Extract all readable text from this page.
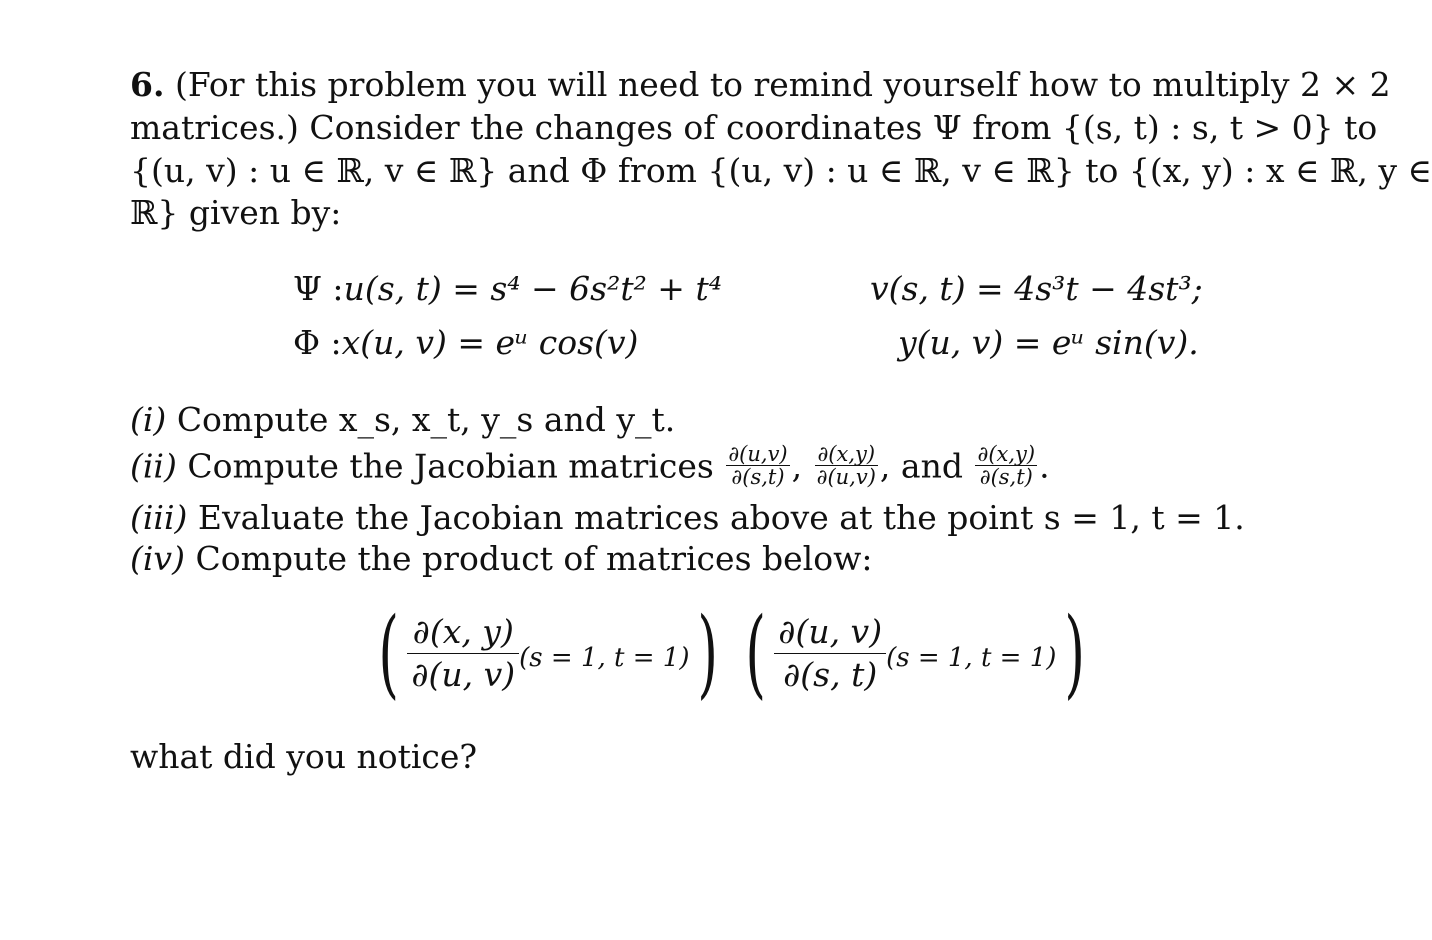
6. (For this problem you will need to remind yourself how to multiply 2 × 2
matrices.) Consider the changes of coordinates Ψ from {(s, t) : s, t > 0} to
{(u, v) : u ∈ ℝ, v ∈ ℝ} and Φ from {(u, v) : u ∈ ℝ, v ∈ ℝ} to {(x, y) : x ∈ ℝ, y ∈
ℝ} given by:
Ψ :u(s, t) = s⁴ − 6s²t² + t⁴	v(s, t) = 4s³t − 4st³;
Φ :x(u, v) = eᵘ cos(v)	y(u, v) = eᵘ sin(v).
(i) Compute x_s, x_t, y_s and y_t.
(ii) Compute the Jacobian matrices $\frac{\partial(u,v)}{\partial(s,t)}$ , $\frac{\partial(x,y)}{\partial(u,v)}$ , and $\frac{\partial(x,y)}{\partial(s,t)}$ .
(iii) Evaluate the Jacobian matrices above at the point s = 1, t = 1.
(iv) Compute the product of matrices below:
( $\frac{\partial(x, y)}{\partial(u, v)} (s = 1$, t = 1) ) ( $\frac{\partial(u, v)}{\partial(s, t)} (s = 1$, t = 1) )
what did you notice?
